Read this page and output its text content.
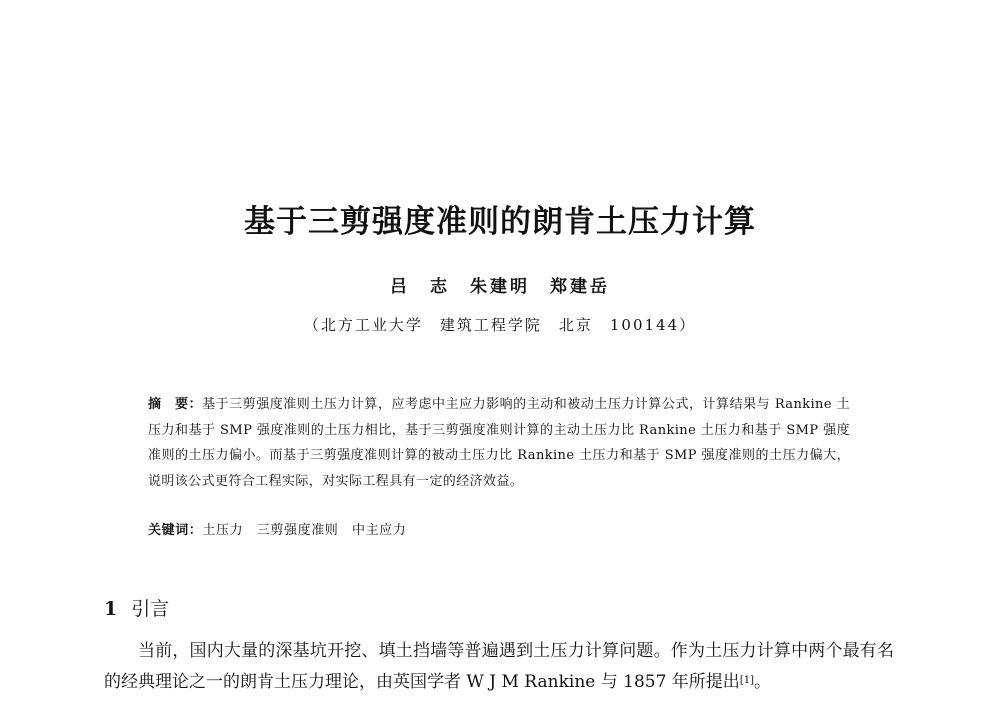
基于三剪强度准则的朗肯土压力计算
吕　志　朱建明　郑建岳
（北方工业大学　建筑工程学院　北京　100144）
摘　要：基于三剪强度准则土压力计算，应考虑中主应力影响的主动和被动土压力计算公式，计算结果与 Rankine 土压力和基于 SMP 强度准则的土压力相比，基于三剪强度准则计算的主动土压力比 Rankine 土压力和基于 SMP 强度准则的土压力偏小。而基于三剪强度准则计算的被动土压力比 Rankine 土压力和基于 SMP 强度准则的土压力偏大，说明该公式更符合工程实际，对实际工程具有一定的经济效益。
关键词：土压力　三剪强度准则　中主应力
1 引言
当前，国内大量的深基坑开挖、填土挡墙等普遍遇到土压力计算问题。作为土压力计算中两个最有名的经典理论之一的朗肯土压力理论，由英国学者 W J M Rankine 与 1857 年所提出[1]。
